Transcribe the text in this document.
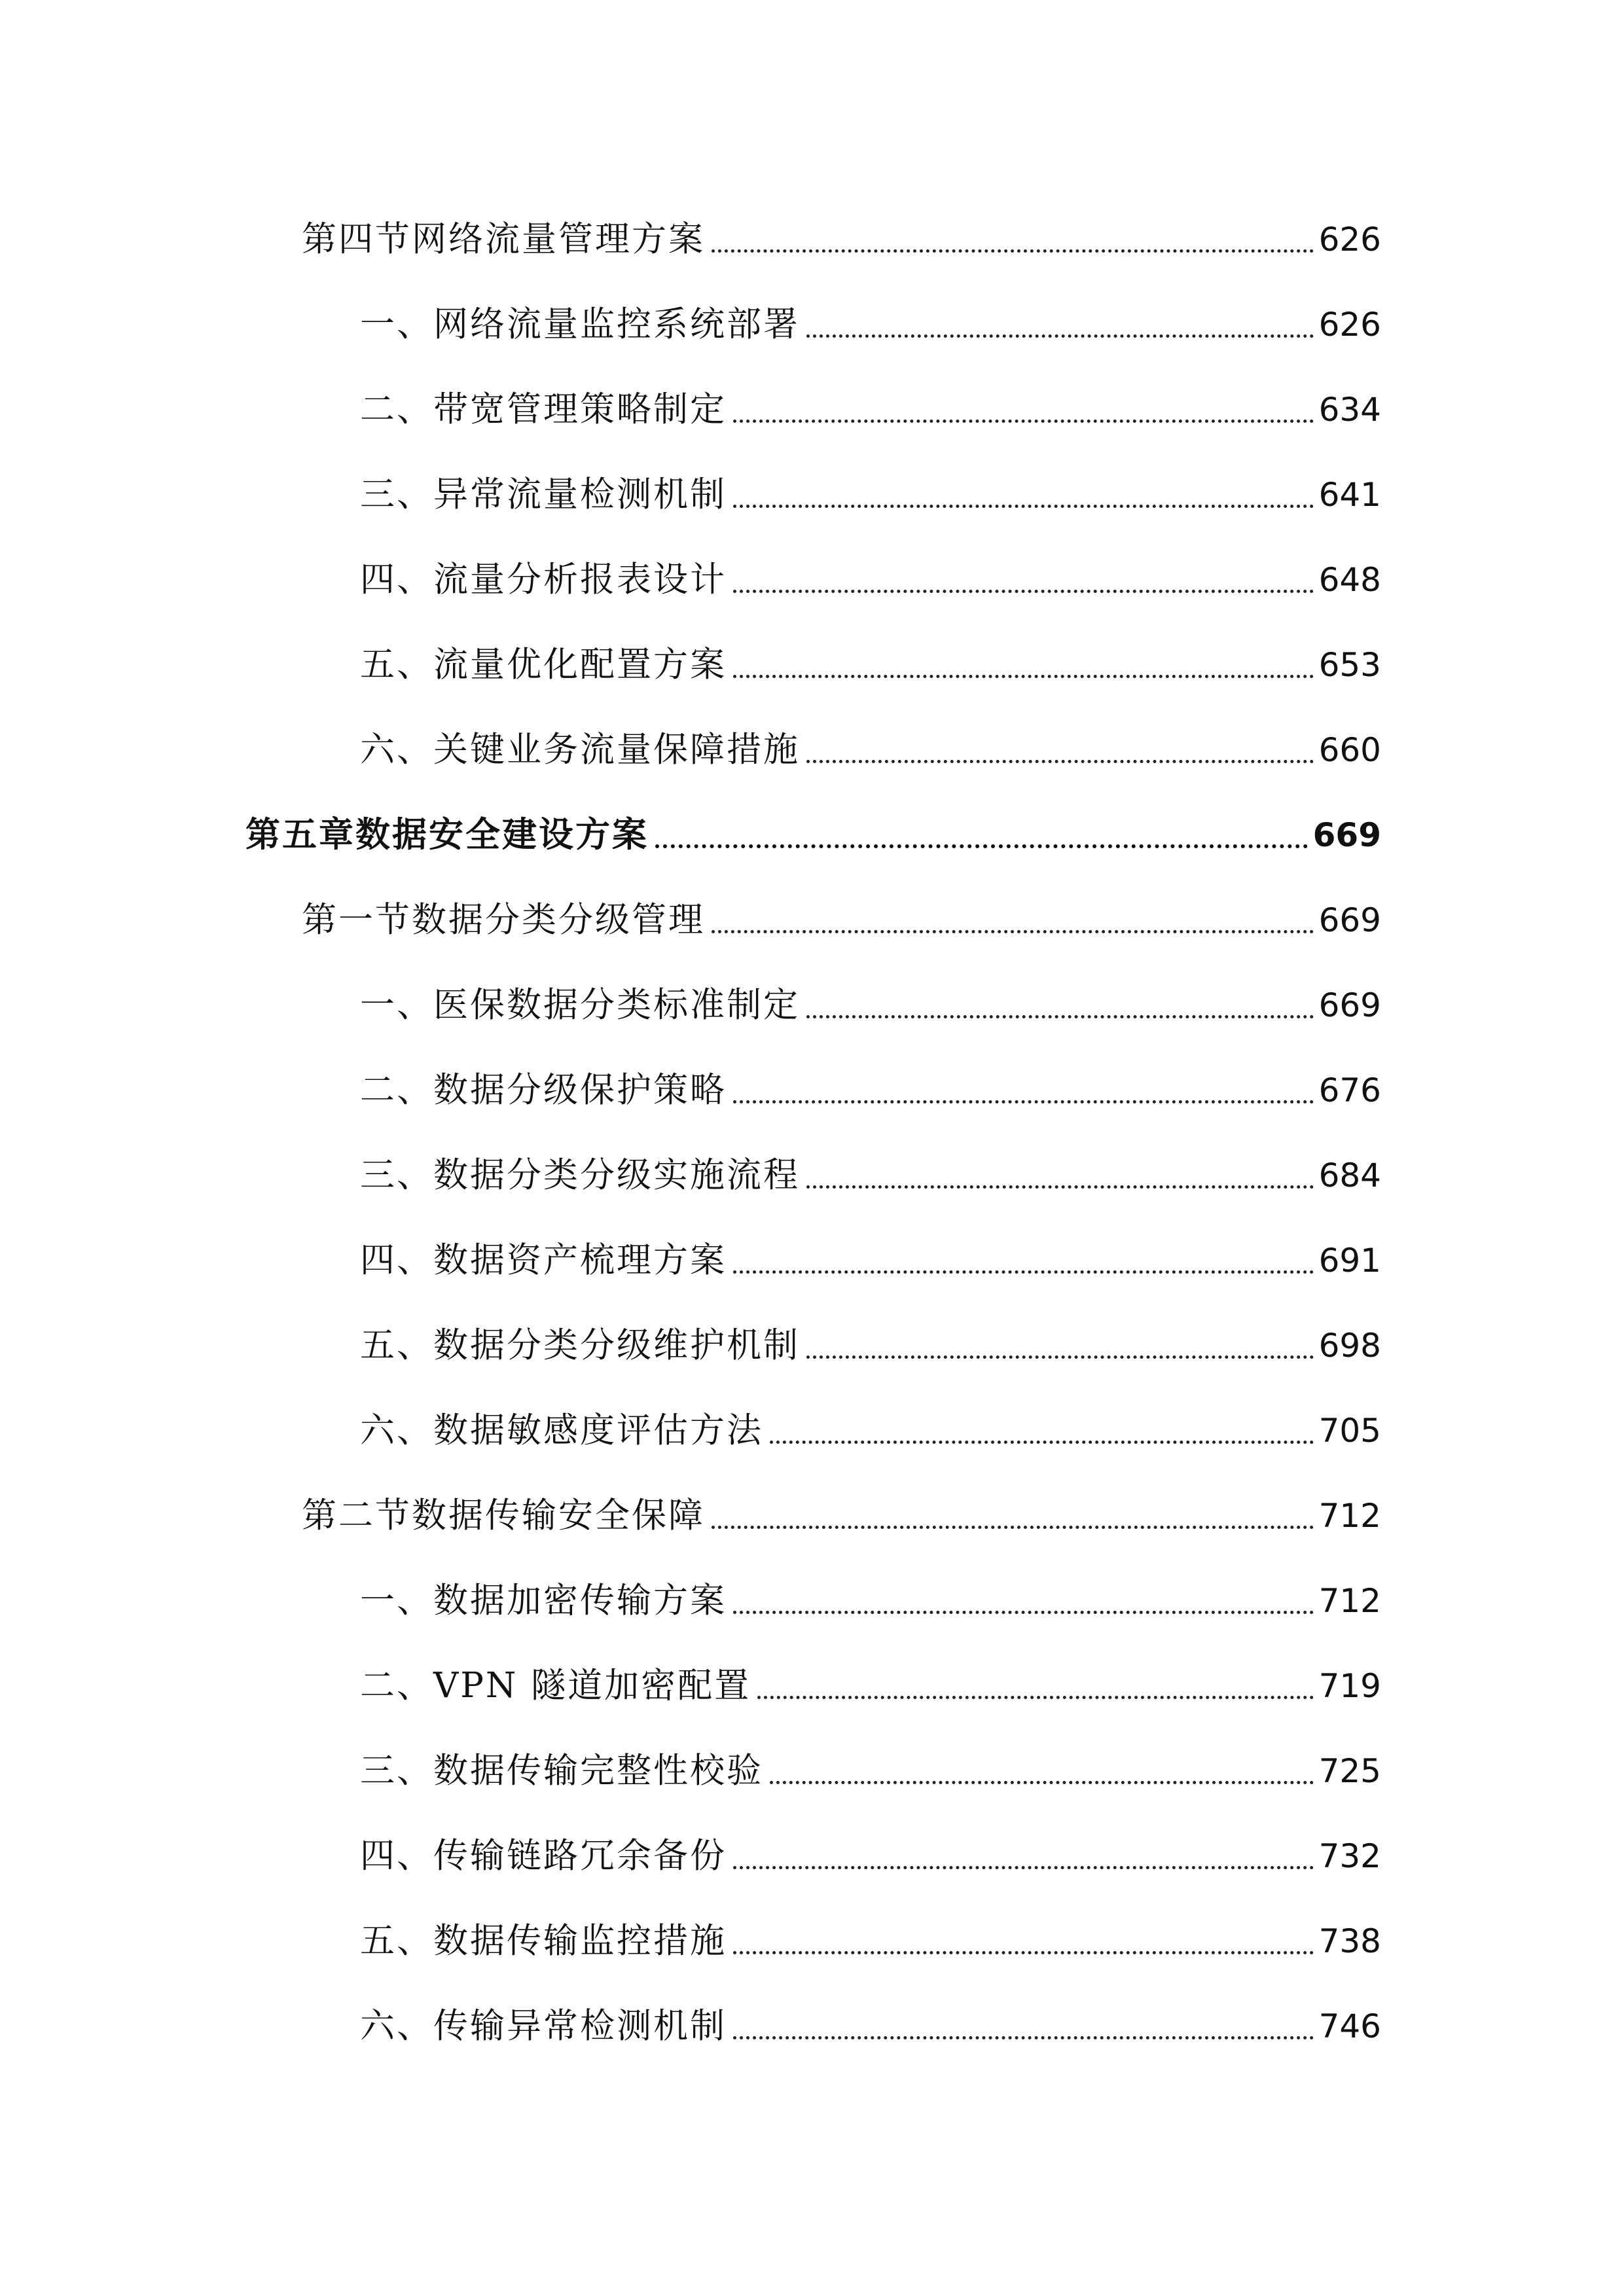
第四节网络流量管理方案	626
一、网络流量监控系统部署	626
二、带宽管理策略制定	634
三、异常流量检测机制	641
四、流量分析报表设计	648
五、流量优化配置方案	653
六、关键业务流量保障措施	660
第五章数据安全建设方案	669
第一节数据分类分级管理	669
一、医保数据分类标准制定	669
二、数据分级保护策略	676
三、数据分类分级实施流程	684
四、数据资产梳理方案	691
五、数据分类分级维护机制	698
六、数据敏感度评估方法	705
第二节数据传输安全保障	712
一、数据加密传输方案	712
二、VPN 隧道加密配置	719
三、数据传输完整性校验	725
四、传输链路冗余备份	732
五、数据传输监控措施	738
六、传输异常检测机制	746
